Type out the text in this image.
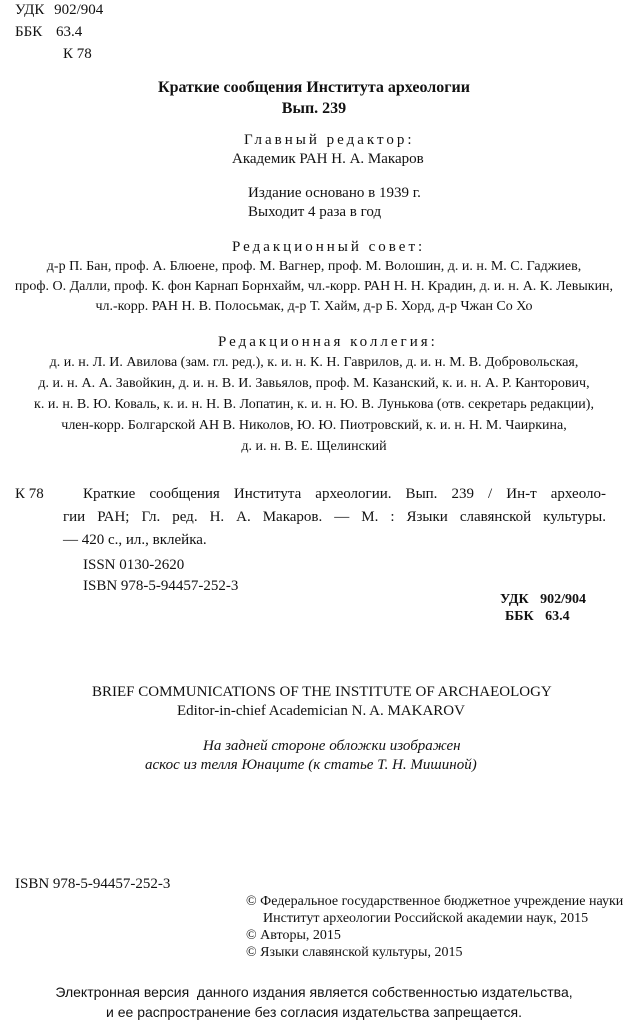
УДК 902/904
ББК 63.4
К 78
Краткие сообщения Института археологии
Вып. 239
Главный редактор:
Академик РАН Н. А. Макаров
Издание основано в 1939 г.
Выходит 4 раза в год
Редакционный совет:
д-р П. Бан, проф. А. Блюене, проф. М. Вагнер, проф. М. Волошин, д. и. н. М. С. Гаджиев,
проф. О. Далли, проф. К. фон Карнап Борнхайм, чл.-корр. РАН Н. Н. Крадин, д. и. н. А. К. Левыкин,
чл.-корр. РАН Н. В. Полосьмак, д-р Т. Хайм, д-р Б. Хорд, д-р Чжан Со Хо
Редакционная коллегия:
д. и. н. Л. И. Авилова (зам. гл. ред.), к. и. н. К. Н. Гаврилов, д. и. н. М. В. Добровольская,
д. и. н. А. А. Завойкин, д. и. н. В. И. Завьялов, проф. М. Казанский, к. и. н. А. Р. Канторович,
к. и. н. В. Ю. Коваль, к. и. н. Н. В. Лопатин, к. и. н. Ю. В. Лунькова (отв. секретарь редакции),
член-корр. Болгарской АН В. Николов, Ю. Ю. Пиотровский, к. и. н. Н. М. Чаиркина,
д. и. н. В. Е. Щелинский
К 78	Краткие сообщения Института археологии. Вып. 239 / Ин-т археоло-
гии РАН; Гл. ред. Н. А. Макаров. — М. : Языки славянской культуры.
— 420 с., ил., вклейка.
ISSN 0130-2620
ISBN 978-5-94457-252-3
УДК 902/904
ББК 63.4
BRIEF COMMUNICATIONS OF THE INSTITUTE OF ARCHAEOLOGY
Editor-in-chief Academician N. A. MAKAROV
На задней стороне обложки изображен
аскос из телля Юнаците (к статье Т. Н. Мишиной)
ISBN 978-5-94457-252-3
© Федеральное государственное бюджетное учреждение науки
Институт археологии Российской академии наук, 2015
© Авторы, 2015
© Языки славянской культуры, 2015
Электронная версия  данного издания является собственностью издательства,
и ее распространение без согласия издательства запрещается.
